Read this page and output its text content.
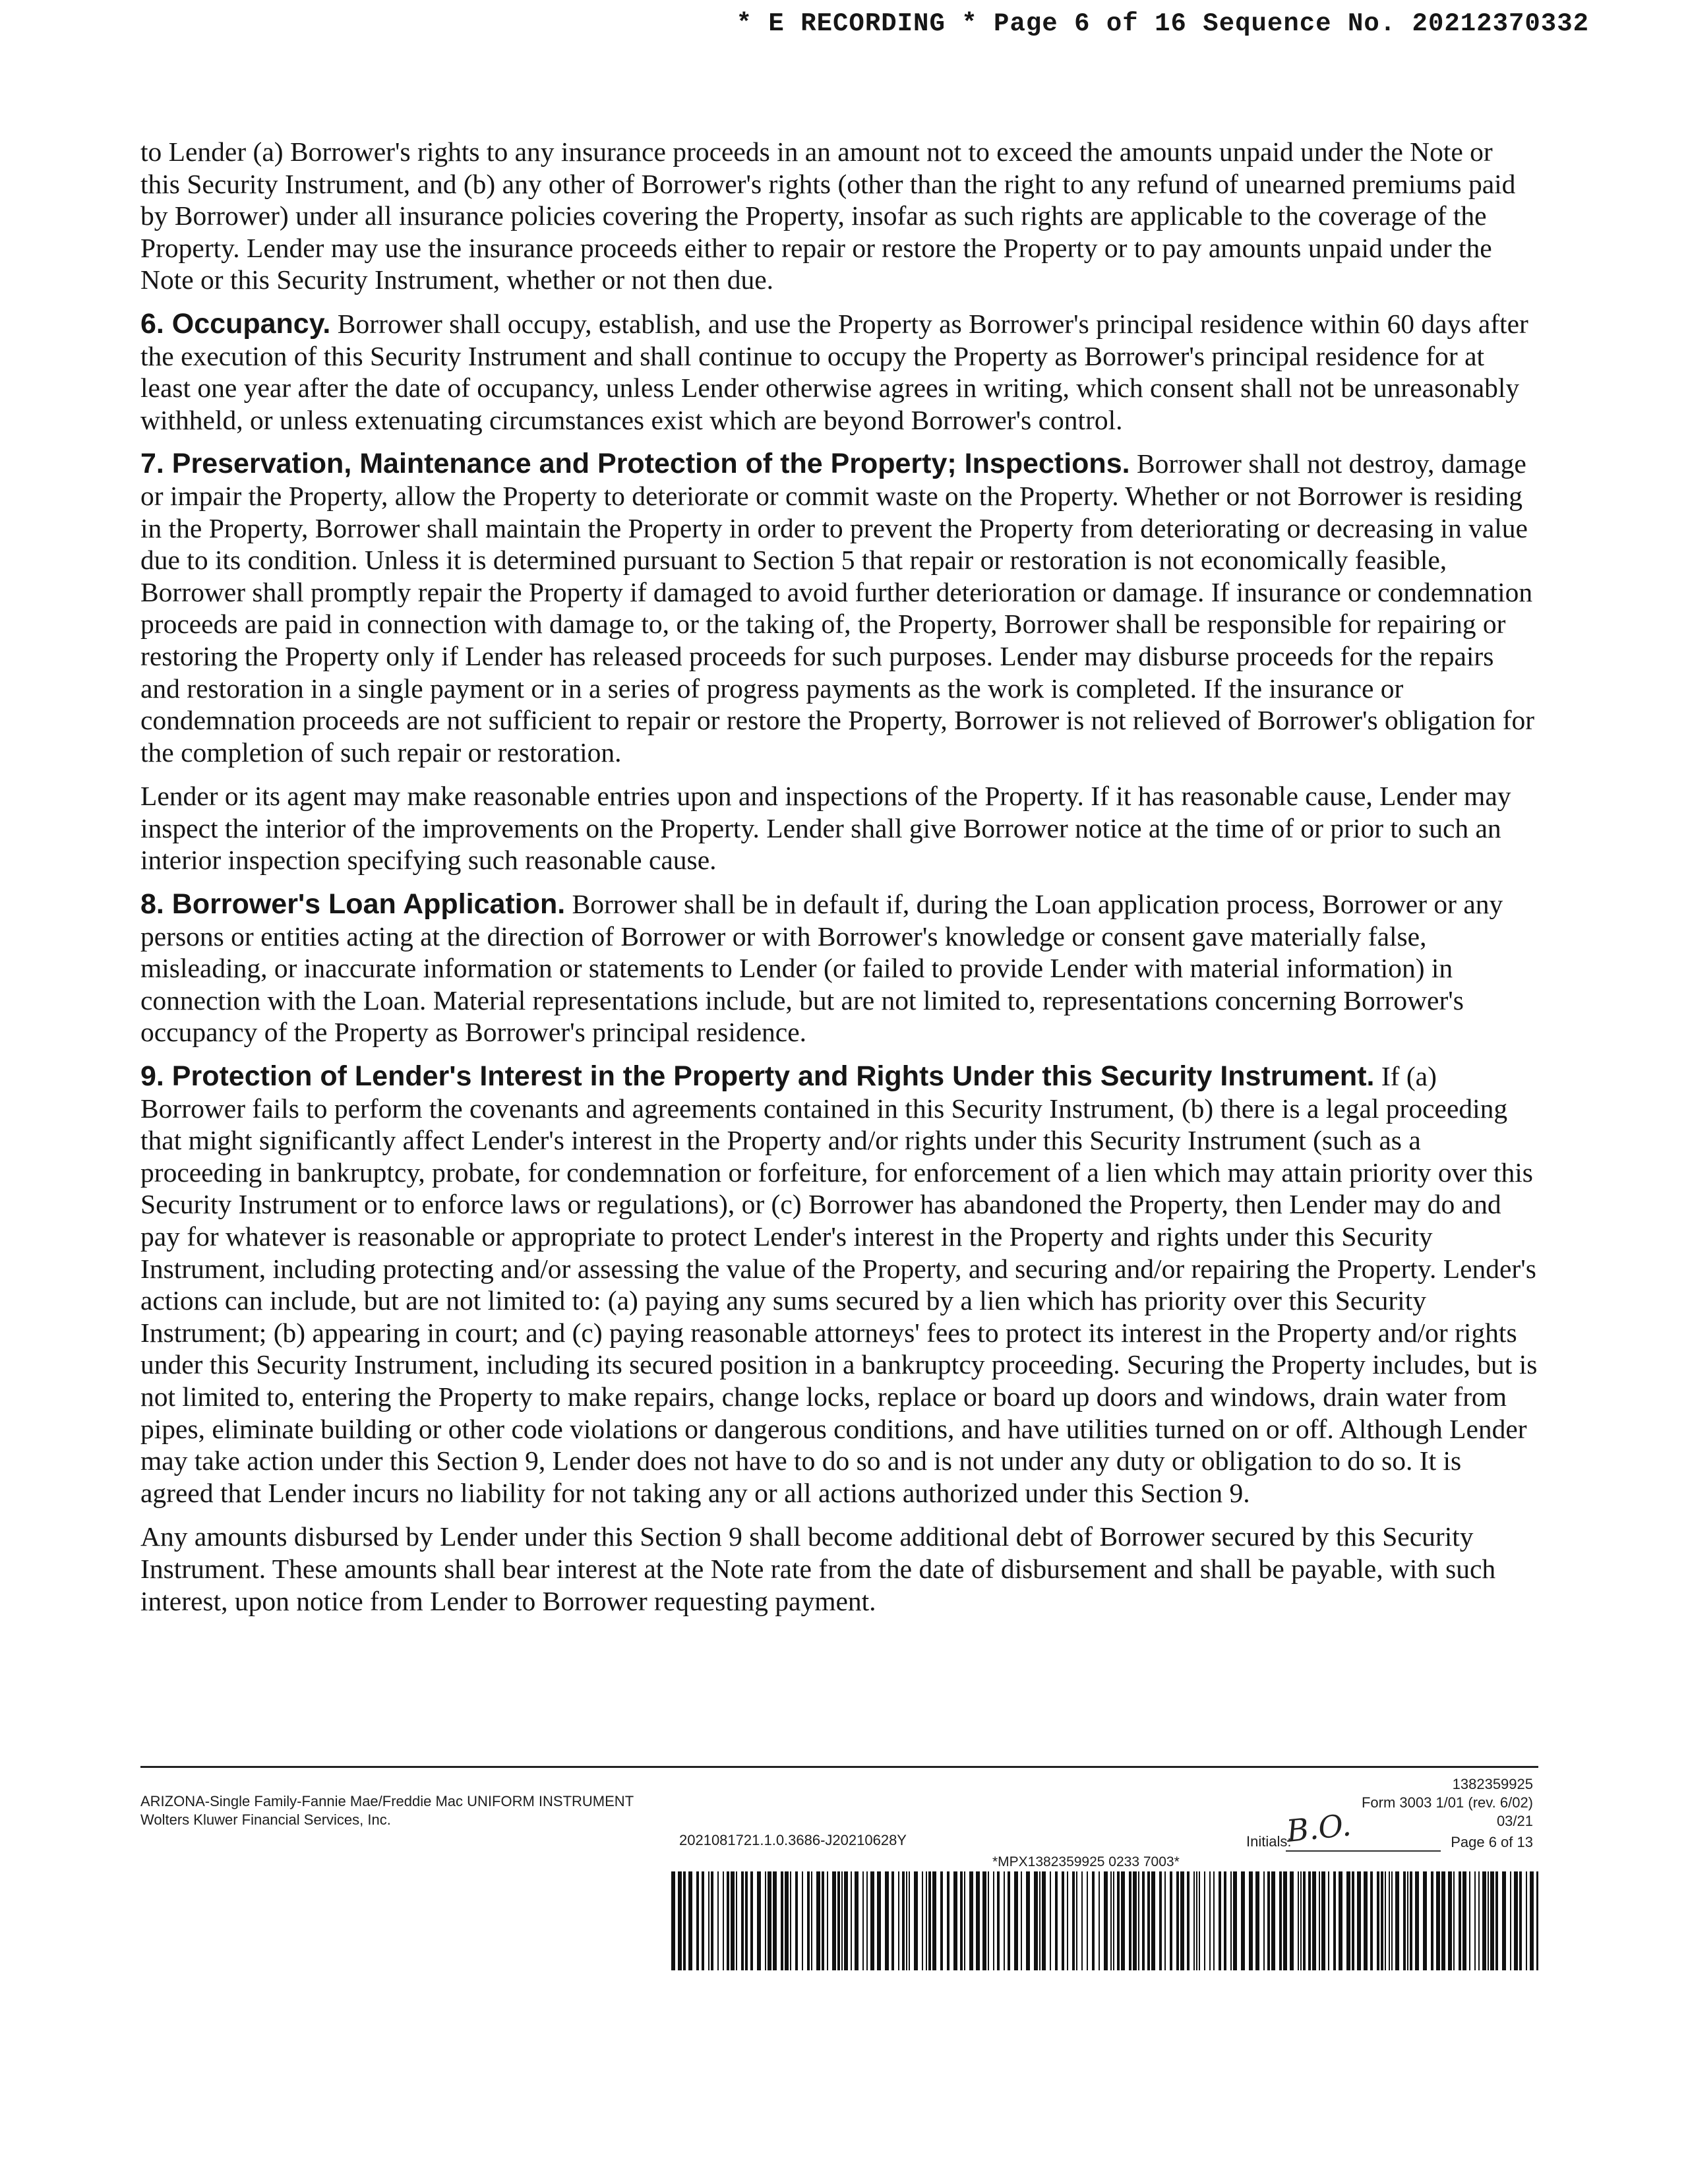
* E RECORDING * Page 6 of 16 Sequence No. 20212370332

to Lender (a) Borrower's rights to any insurance proceeds in an amount not to exceed the amounts unpaid under the Note or this Security Instrument, and (b) any other of Borrower's rights (other than the right to any refund of unearned premiums paid by Borrower) under all insurance policies covering the Property, insofar as such rights are applicable to the coverage of the Property. Lender may use the insurance proceeds either to repair or restore the Property or to pay amounts unpaid under the Note or this Security Instrument, whether or not then due.

6. Occupancy. Borrower shall occupy, establish, and use the Property as Borrower's principal residence within 60 days after the execution of this Security Instrument and shall continue to occupy the Property as Borrower's principal residence for at least one year after the date of occupancy, unless Lender otherwise agrees in writing, which consent shall not be unreasonably withheld, or unless extenuating circumstances exist which are beyond Borrower's control.

7. Preservation, Maintenance and Protection of the Property; Inspections. Borrower shall not destroy, damage or impair the Property, allow the Property to deteriorate or commit waste on the Property. Whether or not Borrower is residing in the Property, Borrower shall maintain the Property in order to prevent the Property from deteriorating or decreasing in value due to its condition. Unless it is determined pursuant to Section 5 that repair or restoration is not economically feasible, Borrower shall promptly repair the Property if damaged to avoid further deterioration or damage. If insurance or condemnation proceeds are paid in connection with damage to, or the taking of, the Property, Borrower shall be responsible for repairing or restoring the Property only if Lender has released proceeds for such purposes. Lender may disburse proceeds for the repairs and restoration in a single payment or in a series of progress payments as the work is completed. If the insurance or condemnation proceeds are not sufficient to repair or restore the Property, Borrower is not relieved of Borrower's obligation for the completion of such repair or restoration.

Lender or its agent may make reasonable entries upon and inspections of the Property. If it has reasonable cause, Lender may inspect the interior of the improvements on the Property. Lender shall give Borrower notice at the time of or prior to such an interior inspection specifying such reasonable cause.

8. Borrower's Loan Application. Borrower shall be in default if, during the Loan application process, Borrower or any persons or entities acting at the direction of Borrower or with Borrower's knowledge or consent gave materially false, misleading, or inaccurate information or statements to Lender (or failed to provide Lender with material information) in connection with the Loan. Material representations include, but are not limited to, representations concerning Borrower's occupancy of the Property as Borrower's principal residence.

9. Protection of Lender's Interest in the Property and Rights Under this Security Instrument. If (a) Borrower fails to perform the covenants and agreements contained in this Security Instrument, (b) there is a legal proceeding that might significantly affect Lender's interest in the Property and/or rights under this Security Instrument (such as a proceeding in bankruptcy, probate, for condemnation or forfeiture, for enforcement of a lien which may attain priority over this Security Instrument or to enforce laws or regulations), or (c) Borrower has abandoned the Property, then Lender may do and pay for whatever is reasonable or appropriate to protect Lender's interest in the Property and rights under this Security Instrument, including protecting and/or assessing the value of the Property, and securing and/or repairing the Property. Lender's actions can include, but are not limited to: (a) paying any sums secured by a lien which has priority over this Security Instrument; (b) appearing in court; and (c) paying reasonable attorneys' fees to protect its interest in the Property and/or rights under this Security Instrument, including its secured position in a bankruptcy proceeding. Securing the Property includes, but is not limited to, entering the Property to make repairs, change locks, replace or board up doors and windows, drain water from pipes, eliminate building or other code violations or dangerous conditions, and have utilities turned on or off. Although Lender may take action under this Section 9, Lender does not have to do so and is not under any duty or obligation to do so. It is agreed that Lender incurs no liability for not taking any or all actions authorized under this Section 9.

Any amounts disbursed by Lender under this Section 9 shall become additional debt of Borrower secured by this Security Instrument. These amounts shall bear interest at the Note rate from the date of disbursement and shall be payable, with such interest, upon notice from Lender to Borrower requesting payment.

ARIZONA-Single Family-Fannie Mae/Freddie Mac UNIFORM INSTRUMENT
Wolters Kluwer Financial Services, Inc.
2021081721.1.0.3686-J20210628Y
1382359925
Form 3003 1/01 (rev. 6/02)
03/21
Initials:
B.O.	Page 6 of 13
*MPX1382359925 0233 7003*
